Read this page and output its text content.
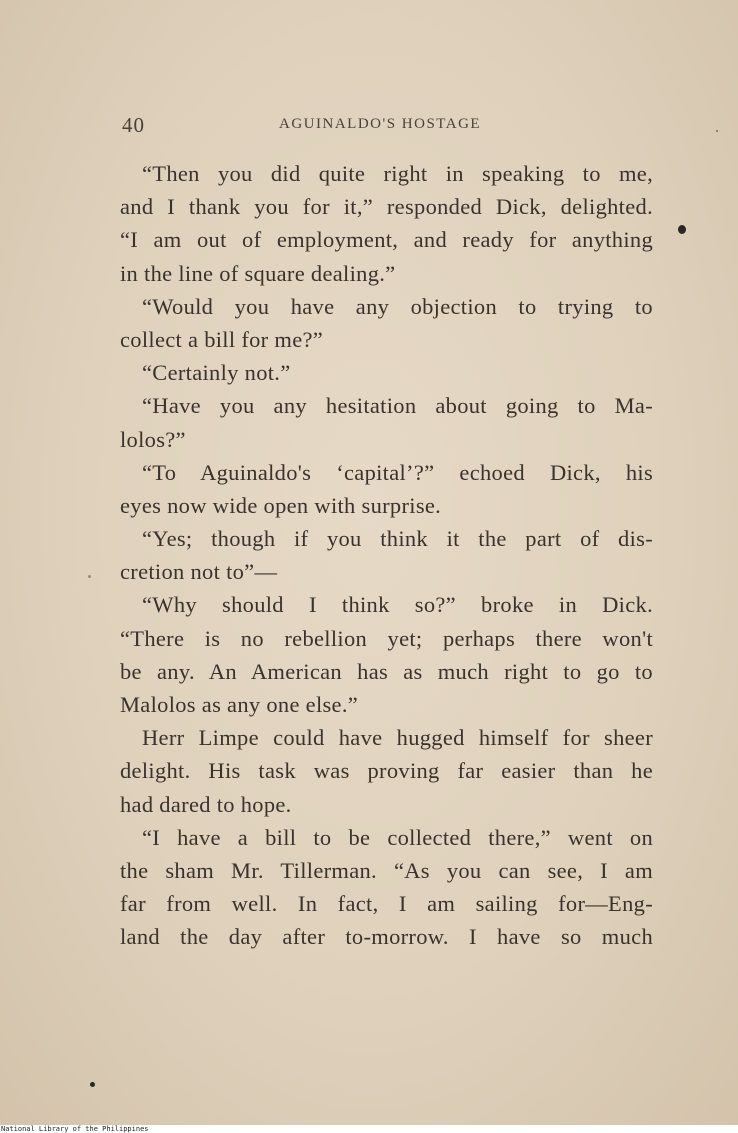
40	AGUINALDO'S HOSTAGE
“Then you did quite right in speaking to me,
and I thank you for it,” responded Dick, delighted.
“I am out of employment, and ready for anything
in the line of square dealing.”
“Would you have any objection to trying to
collect a bill for me?”
“Certainly not.”
“Have you any hesitation about going to Ma-
lolos?”
“To Aguinaldo's ‘capital’?” echoed Dick, his
eyes now wide open with surprise.
“Yes; though if you think it the part of dis-
cretion not to”—
“Why should I think so?” broke in Dick.
“There is no rebellion yet; perhaps there won't
be any. An American has as much right to go to
Malolos as any one else.”
Herr Limpe could have hugged himself for sheer
delight. His task was proving far easier than he
had dared to hope.
“I have a bill to be collected there,” went on
the sham Mr. Tillerman. “As you can see, I am
far from well. In fact, I am sailing for—Eng-
land the day after to-morrow. I have so much
National Library of the Philippines
